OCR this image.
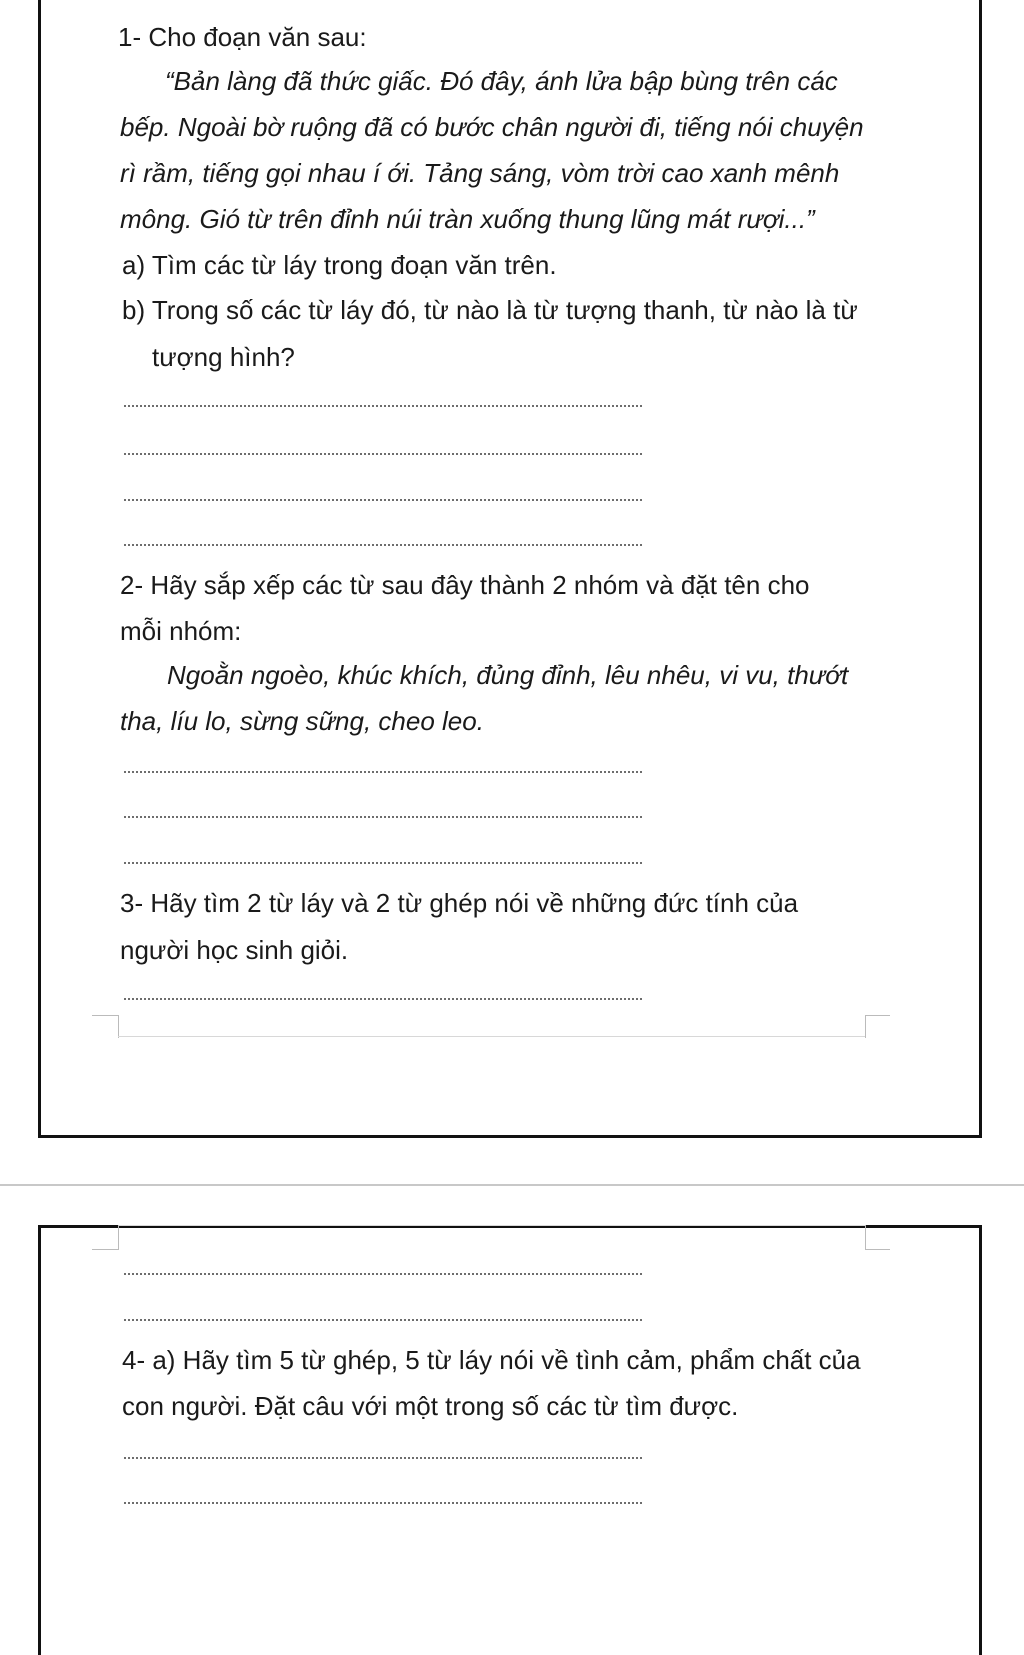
1- Cho đoạn văn sau:
“Bản làng đã thức giấc. Đó đây, ánh lửa bập bùng trên các
bếp. Ngoài bờ ruộng đã có bước chân người đi, tiếng nói chuyện
rì rầm, tiếng gọi nhau í ới. Tảng sáng, vòm trời cao xanh mênh
mông. Gió từ trên đỉnh núi tràn xuống thung lũng mát rượi...”
a) Tìm các từ láy trong đoạn văn trên.
b) Trong số các từ láy đó, từ nào là từ tượng thanh, từ nào là từ
tượng hình?
2- Hãy sắp xếp các từ sau đây thành 2 nhóm và đặt tên cho
mỗi nhóm:
Ngoằn ngoèo, khúc khích, đủng đỉnh, lêu nhêu, vi vu, thướt
tha, líu lo, sừng sững, cheo leo.
3- Hãy tìm 2 từ láy và 2 từ ghép nói về những đức tính của
người học sinh giỏi.
4- a) Hãy tìm 5 từ ghép, 5 từ láy nói về tình cảm, phẩm chất của
con người. Đặt câu với một trong số các từ tìm được.
